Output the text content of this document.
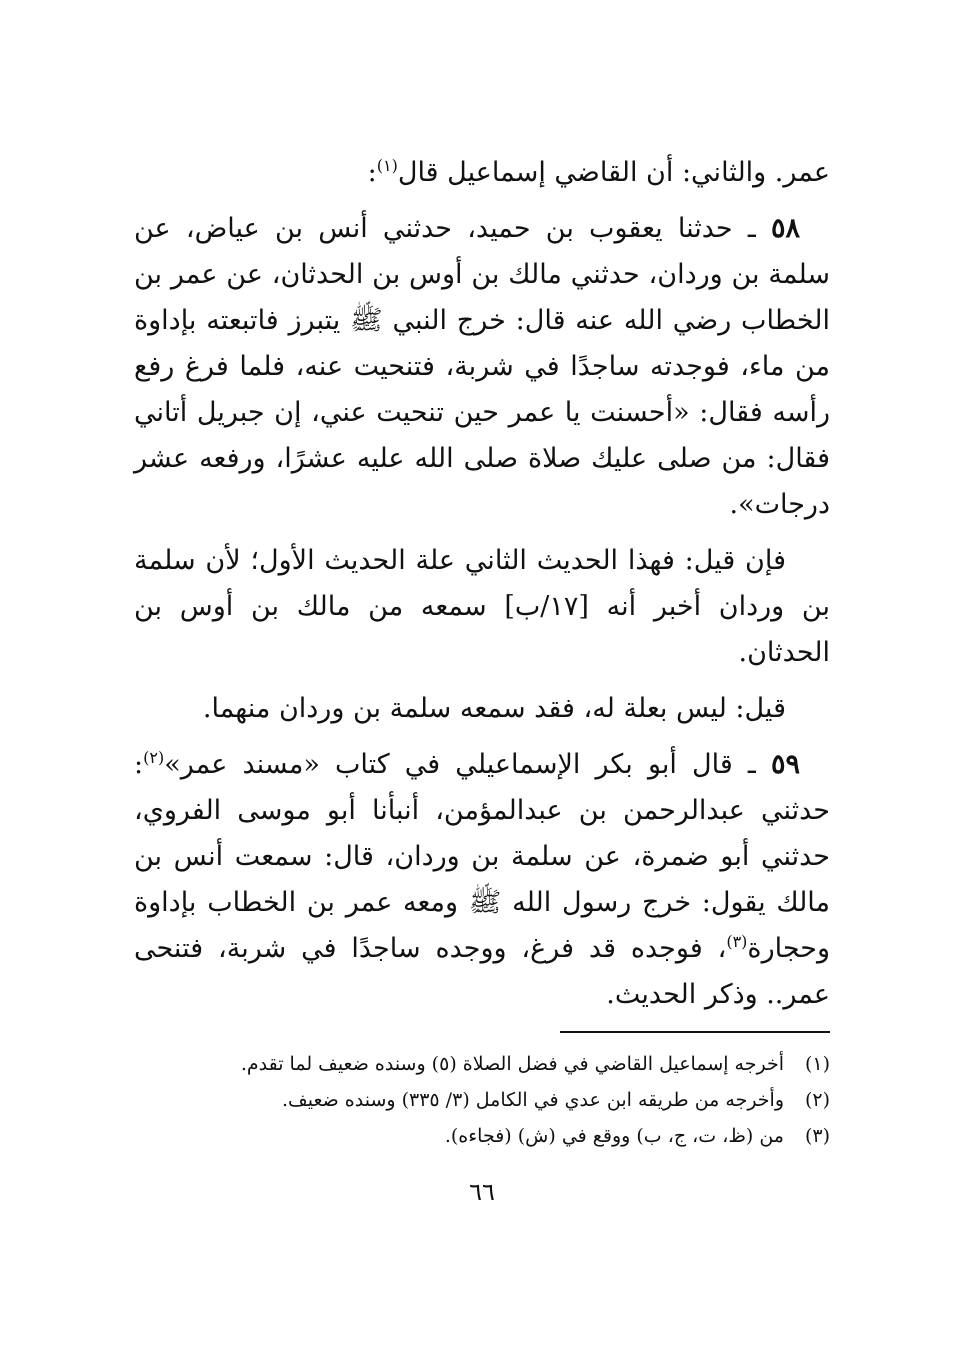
عمر. والثاني: أن القاضي إسماعيل قال$^{(١)}$:

٥٨ ـ حدثنا يعقوب بن حميد، حدثني أنس بن عياض، عن سلمة بن وردان، حدثني مالك بن أوس بن الحدثان، عن عمر بن الخطاب رضي الله عنه قال: خرج النبي ﷺ يتبرز فاتبعته بإداوة من ماء، فوجدته ساجدًا في شربة، فتنحيت عنه، فلما فرغ رفع رأسه فقال: «أحسنت يا عمر حين تنحيت عني، إن جبريل أتاني فقال: من صلى عليك صلاة صلى الله عليه عشرًا، ورفعه عشر درجات».

فإن قيل: فهذا الحديث الثاني علة الحديث الأول؛ لأن سلمة بن وردان أخبر أنه [١٧/ب] سمعه من مالك بن أوس بن الحدثان.

قيل: ليس بعلة له، فقد سمعه سلمة بن وردان منهما.

٥٩ ـ قال أبو بكر الإسماعيلي في كتاب «مسند عمر»$^{(٢)}$: حدثني عبدالرحمن بن عبدالمؤمن، أنبأنا أبو موسى الفروي، حدثني أبو ضمرة، عن سلمة بن وردان، قال: سمعت أنس بن مالك يقول: خرج رسول الله ﷺ ومعه عمر بن الخطاب بإداوة وحجارة$^{(٣)}$، فوجده قد فرغ، ووجده ساجدًا في شربة، فتنحى عمر.. وذكر الحديث.

(١)أخرجه إسماعيل القاضي في فضل الصلاة (٥) وسنده ضعيف لما تقدم.
(٢)وأخرجه من طريقه ابن عدي في الكامل (٣/ ٣٣٥) وسنده ضعيف.
(٣)من (ظ، ت، ج، ب) ووقع في (ش) (فجاءه).
٦٦
